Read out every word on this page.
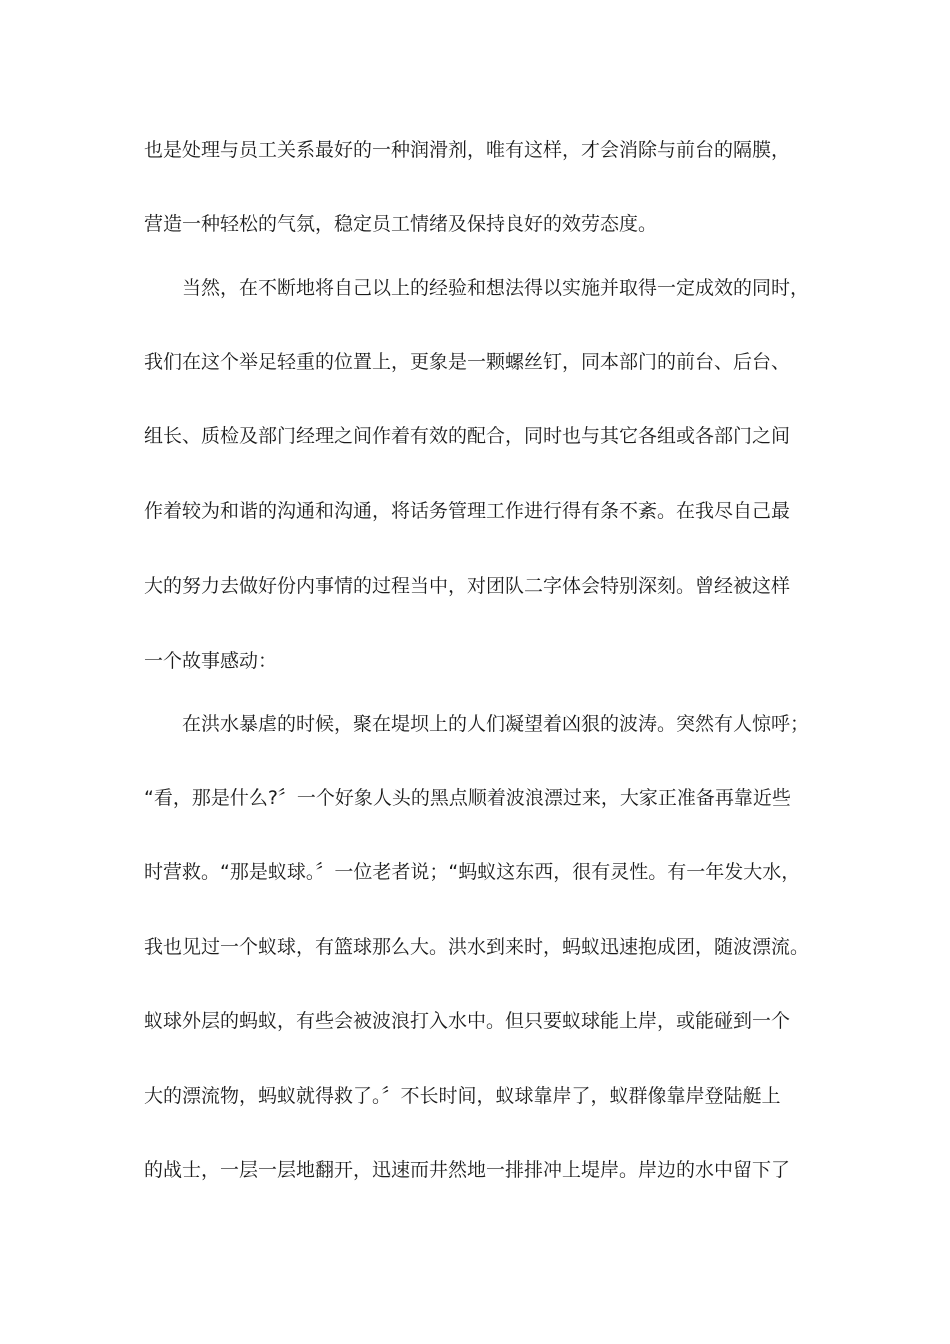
也是处理与员工关系最好的一种润滑剂，唯有这样，才会消除与前台的隔膜，
营造一种轻松的气氛，稳定员工情绪及保持良好的效劳态度。
当然，在不断地将自己以上的经验和想法得以实施并取得一定成效的同时，
我们在这个举足轻重的位置上，更象是一颗螺丝钉，同本部门的前台、后台、
组长、质检及部门经理之间作着有效的配合，同时也与其它各组或各部门之间
作着较为和谐的沟通和沟通，将话务管理工作进行得有条不紊。在我尽自己最
大的努力去做好份内事情的过程当中，对团队二字体会特别深刻。曾经被这样
一个故事感动：
在洪水暴虐的时候，聚在堤坝上的人们凝望着凶狠的波涛。突然有人惊呼；
“看，那是什么?〞一个好象人头的黑点顺着波浪漂过来，大家正准备再靠近些
时营救。“那是蚁球。〞一位老者说；“蚂蚁这东西，很有灵性。有一年发大水，
我也见过一个蚁球，有篮球那么大。洪水到来时，蚂蚁迅速抱成团，随波漂流。
蚁球外层的蚂蚁，有些会被波浪打入水中。但只要蚁球能上岸，或能碰到一个
大的漂流物，蚂蚁就得救了。〞不长时间，蚁球靠岸了，蚁群像靠岸登陆艇上
的战士，一层一层地翻开，迅速而井然地一排排冲上堤岸。岸边的水中留下了
